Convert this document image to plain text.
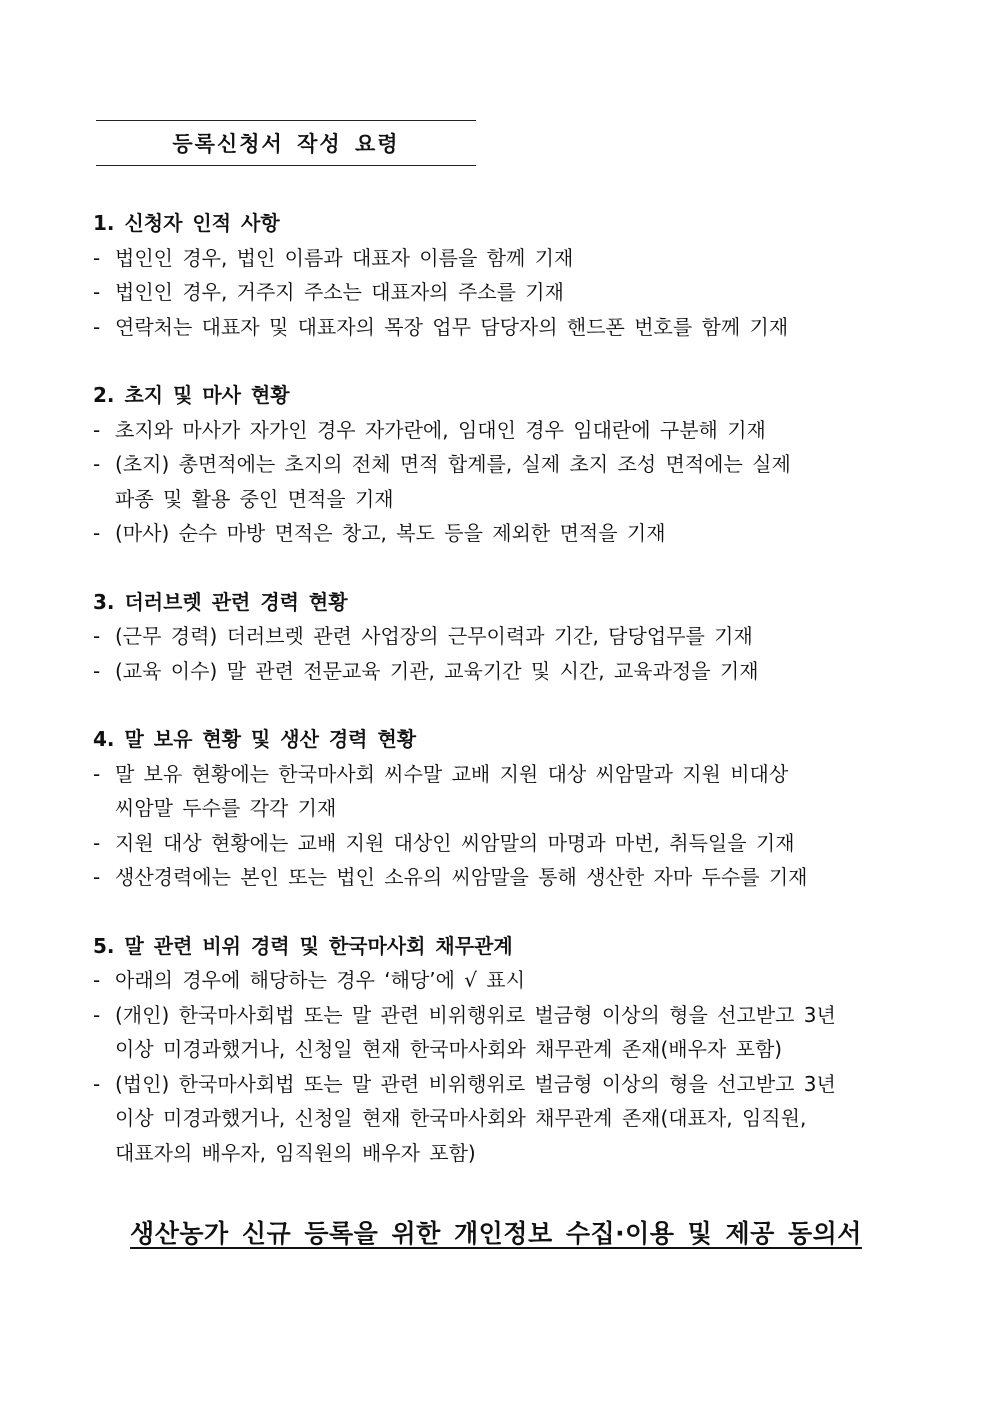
등록신청서 작성 요령
1. 신청자 인적 사항
- 법인인 경우, 법인 이름과 대표자 이름을 함께 기재
- 법인인 경우, 거주지 주소는 대표자의 주소를 기재
- 연락처는 대표자 및 대표자의 목장 업무 담당자의 핸드폰 번호를 함께 기재
2. 초지 및 마사 현황
- 초지와 마사가 자가인 경우 자가란에, 임대인 경우 임대란에 구분해 기재
- (초지) 총면적에는 초지의 전체 면적 합계를, 실제 초지 조성 면적에는 실제
파종 및 활용 중인 면적을 기재
- (마사) 순수 마방 면적은 창고, 복도 등을 제외한 면적을 기재
3. 더러브렛 관련 경력 현황
- (근무 경력) 더러브렛 관련 사업장의 근무이력과 기간, 담당업무를 기재
- (교육 이수) 말 관련 전문교육 기관, 교육기간 및 시간, 교육과정을 기재
4. 말 보유 현황 및 생산 경력 현황
- 말 보유 현황에는 한국마사회 씨수말 교배 지원 대상 씨암말과 지원 비대상
씨암말 두수를 각각 기재
- 지원 대상 현황에는 교배 지원 대상인 씨암말의 마명과 마번, 취득일을 기재
- 생산경력에는 본인 또는 법인 소유의 씨암말을 통해 생산한 자마 두수를 기재
5. 말 관련 비위 경력 및 한국마사회 채무관계
- 아래의 경우에 해당하는 경우 ‘해당’에 √ 표시
- (개인) 한국마사회법 또는 말 관련 비위행위로 벌금형 이상의 형을 선고받고 3년
이상 미경과했거나, 신청일 현재 한국마사회와 채무관계 존재(배우자 포함)
- (법인) 한국마사회법 또는 말 관련 비위행위로 벌금형 이상의 형을 선고받고 3년
이상 미경과했거나, 신청일 현재 한국마사회와 채무관계 존재(대표자, 임직원,
대표자의 배우자, 임직원의 배우자 포함)
생산농가 신규 등록을 위한 개인정보 수집·이용 및 제공 동의서
